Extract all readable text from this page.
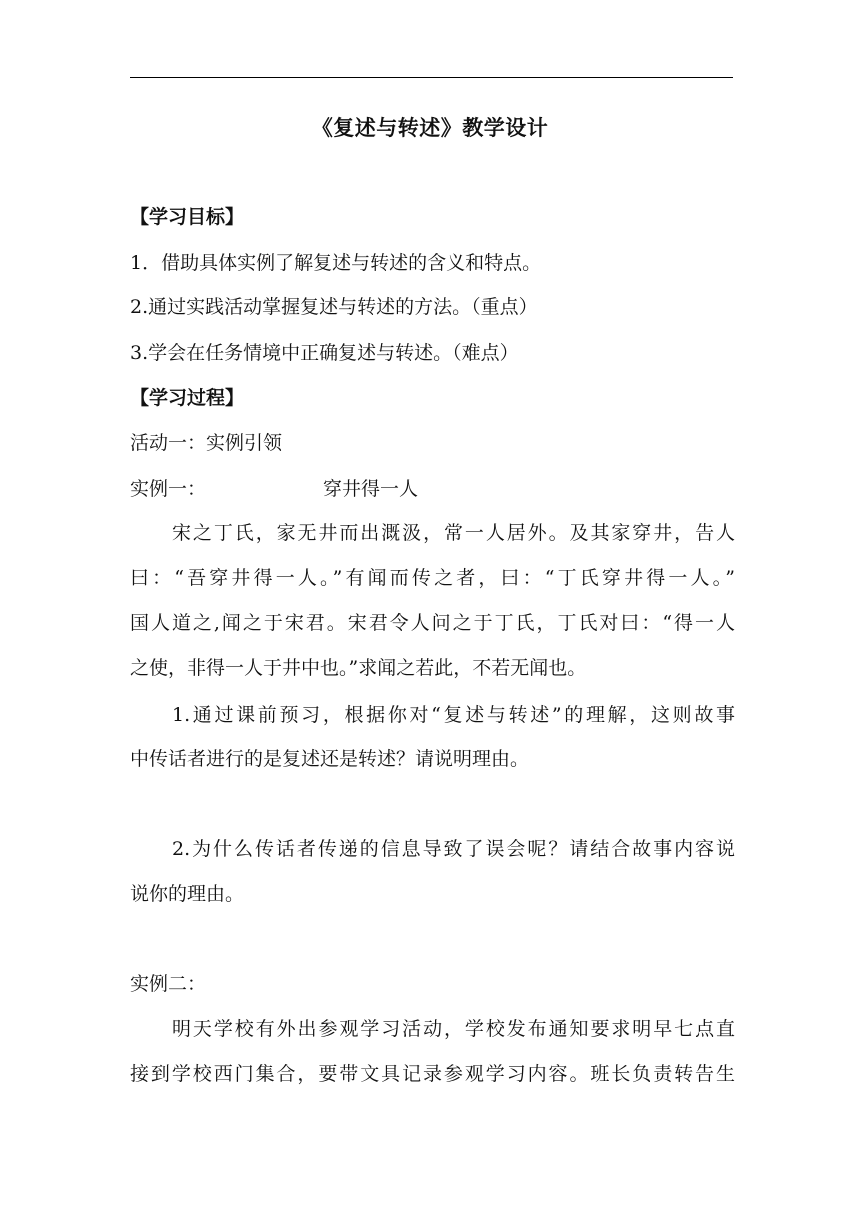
《复述与转述》教学设计
【学习目标】
1．借助具体实例了解复述与转述的含义和特点。
2.通过实践活动掌握复述与转述的方法。（重点）
3.学会在任务情境中正确复述与转述。（难点）
【学习过程】
活动一：实例引领
实例一：	穿井得一人
宋之丁氏，家无井而出溉汲，常一人居外。及其家穿井，告人
曰：“吾穿井得一人。”有闻而传之者，曰：“丁氏穿井得一人。”
国人道之,闻之于宋君。宋君令人问之于丁氏，丁氏对曰：“得一人
之使，非得一人于井中也。”求闻之若此，不若无闻也。
1.通过课前预习，根据你对“复述与转述”的理解，这则故事
中传话者进行的是复述还是转述？请说明理由。
2.为什么传话者传递的信息导致了误会呢？请结合故事内容说
说你的理由。
实例二：
明天学校有外出参观学习活动，学校发布通知要求明早七点直
接到学校西门集合，要带文具记录参观学习内容。班长负责转告生
